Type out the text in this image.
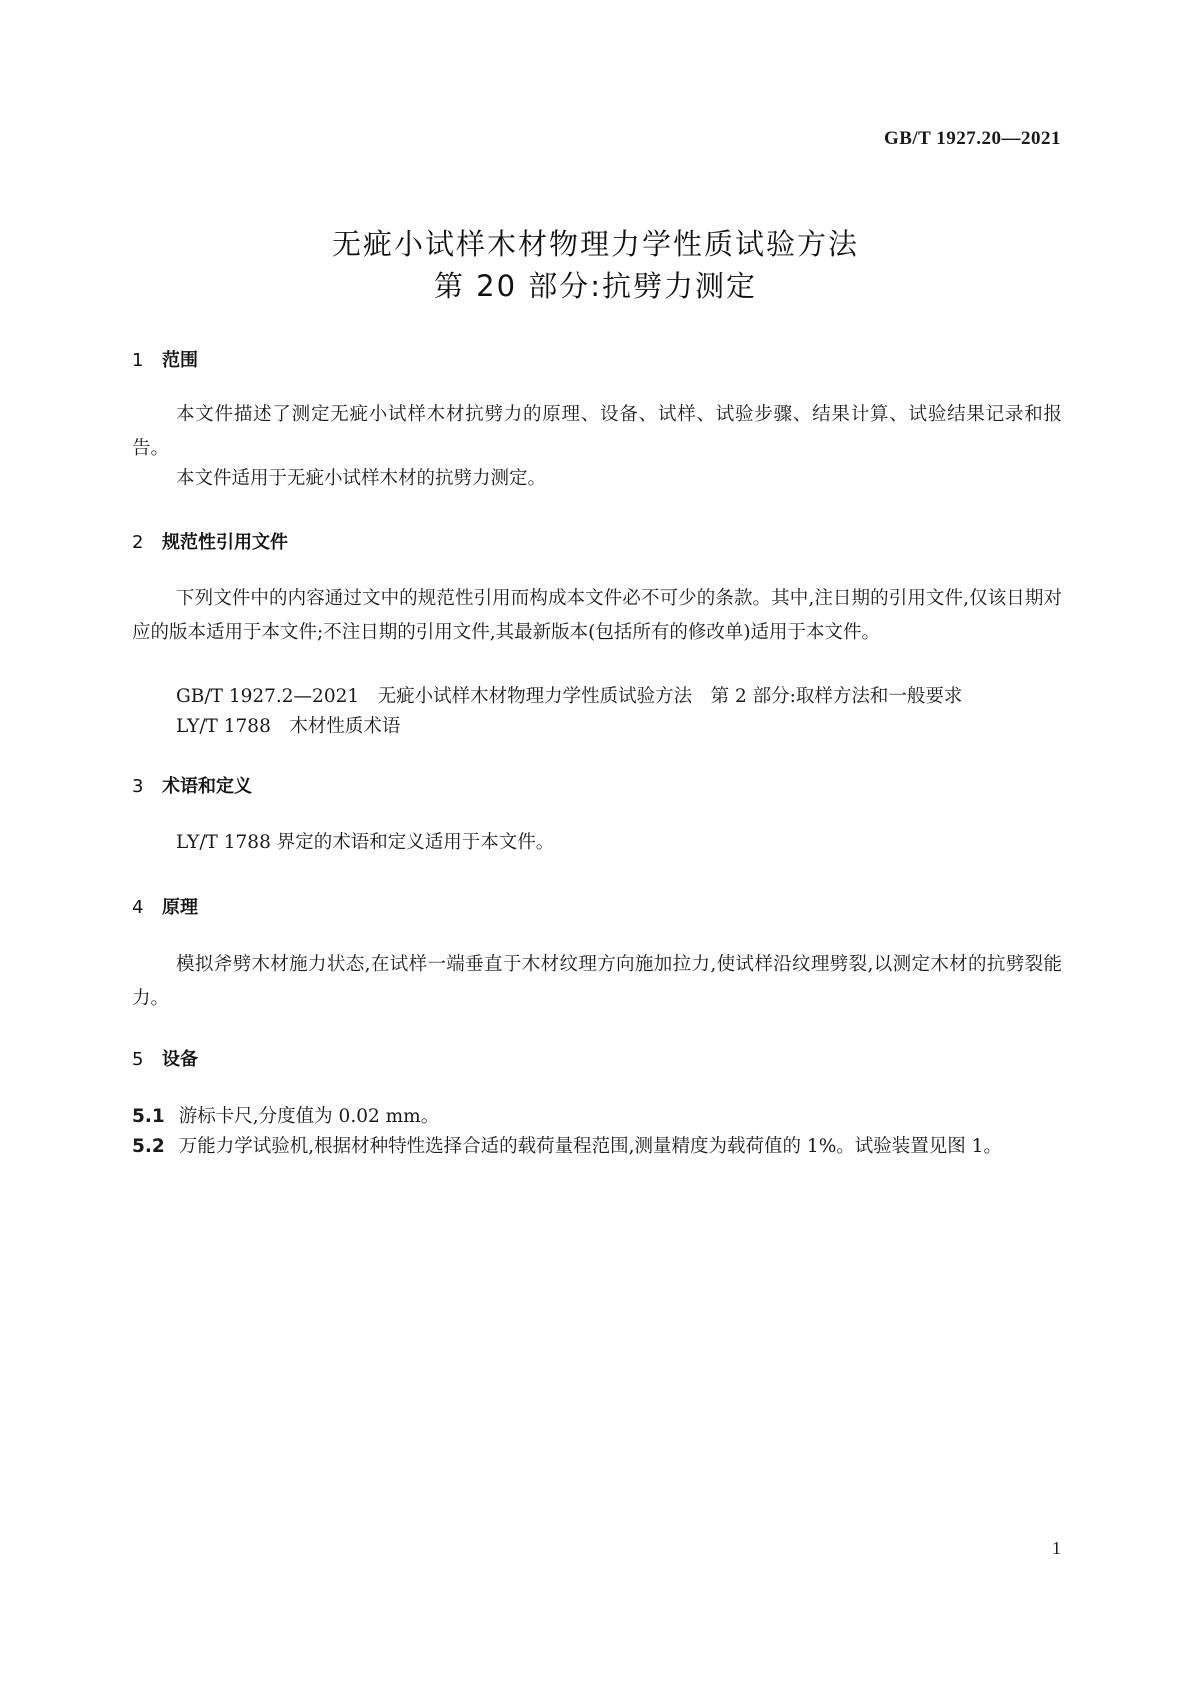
GB/T 1927.20—2021
无疵小试样木材物理力学性质试验方法
第 20 部分:抗劈力测定
1 范围
本文件描述了测定无疵小试样木材抗劈力的原理、设备、试样、试验步骤、结果计算、试验结果记录和报告。
本文件适用于无疵小试样木材的抗劈力测定。
2 规范性引用文件
下列文件中的内容通过文中的规范性引用而构成本文件必不可少的条款。其中,注日期的引用文件,仅该日期对应的版本适用于本文件;不注日期的引用文件,其最新版本(包括所有的修改单)适用于本文件。
GB/T 1927.2—2021　无疵小试样木材物理力学性质试验方法　第 2 部分:取样方法和一般要求
LY/T 1788　木材性质术语
3 术语和定义
LY/T 1788 界定的术语和定义适用于本文件。
4 原理
模拟斧劈木材施力状态,在试样一端垂直于木材纹理方向施加拉力,使试样沿纹理劈裂,以测定木材的抗劈裂能力。
5 设备
5.1 游标卡尺,分度值为 0.02 mm。
5.2 万能力学试验机,根据材种特性选择合适的载荷量程范围,测量精度为载荷值的 1%。试验装置见图 1。
1
